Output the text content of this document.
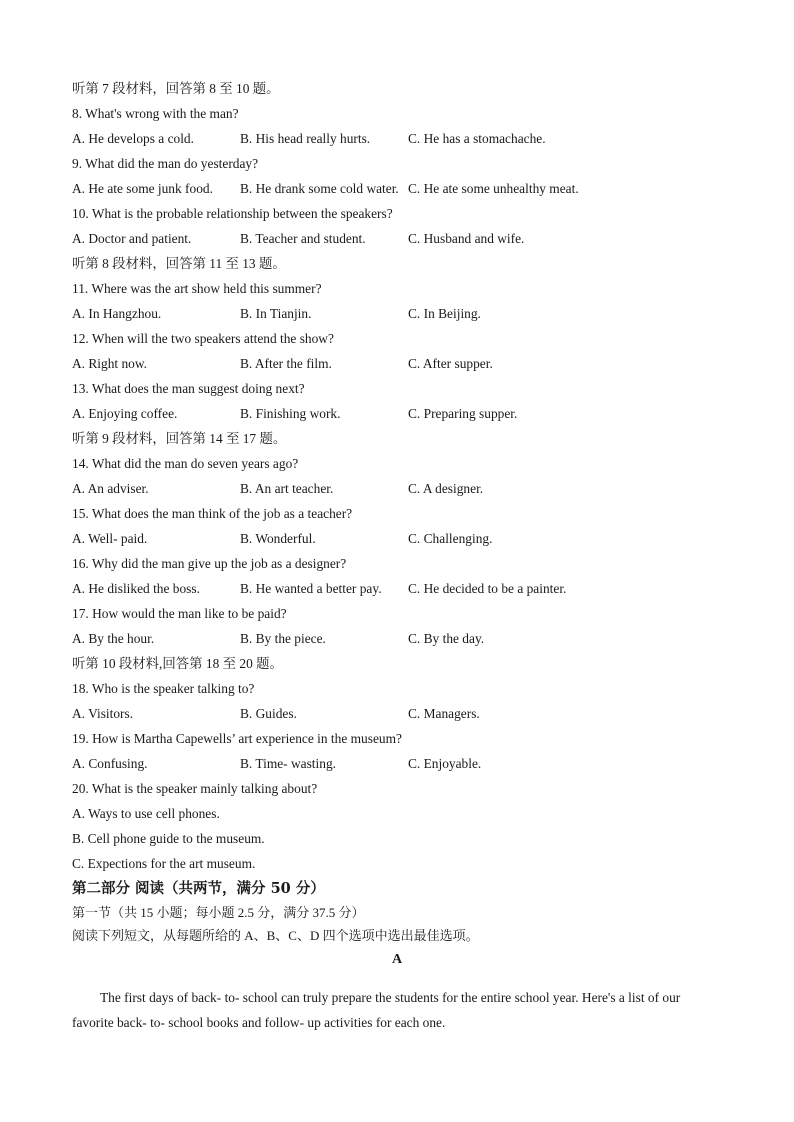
听第 7 段材料，回答第 8 至 10 题。

8. What's wrong with the man?

A. He develops a cold.	B. His head really hurts.	C. He has a stomachache.

9. What did the man do yesterday?

A. He ate some junk food. B. He drank some cold water. C. He ate some unhealthy meat.

10. What is the probable relationship between the speakers?

A. Doctor and patient.	B. Teacher and student.	C. Husband and wife.

听第 8 段材料，回答第 11 至 13 题。

11. Where was the art show held this summer?

A. In Hangzhou.	B. In Tianjin.	C. In Beijing.

12. When will the two speakers attend the show?

A. Right now.	B. After the film.	C. After supper.

13. What does the man suggest doing next?

A. Enjoying coffee.	B. Finishing work.	C. Preparing supper.

听第 9 段材料，回答第 14 至 17 题。

14. What did the man do seven years ago?

A. An adviser.	B. An art teacher.	C. A designer.

15. What does the man think of the job as a teacher?

A. Well- paid.	B. Wonderful.	C. Challenging.

16. Why did the man give up the job as a designer?

A. He disliked the boss.	B. He wanted a better pay. C. He decided to be a painter.

17. How would the man like to be paid?

A. By the hour.	B. By the piece.	C. By the day.

听第 10 段材料,回答第 18 至 20 题。

18. Who is the speaker talking to?

A. Visitors.	B. Guides.	C. Managers.

19. How is Martha Capewells’ art experience in the museum?

A. Confusing.	B. Time- wasting.	C. Enjoyable.

20. What is the speaker mainly talking about?

A. Ways to use cell phones.

B. Cell phone guide to the museum.

C. Expections for the art museum.

第二部分 阅读（共两节，满分 50 分）

第一节（共 15 小题；每小题 2.5 分，满分 37.5 分）

阅读下列短文，从每题所给的 A、B、C、D 四个选项中选出最佳选项。

A

The first days of back- to- school can truly prepare the students for the entire school year. Here's a list of our favorite back- to- school books and follow- up activities for each one.
